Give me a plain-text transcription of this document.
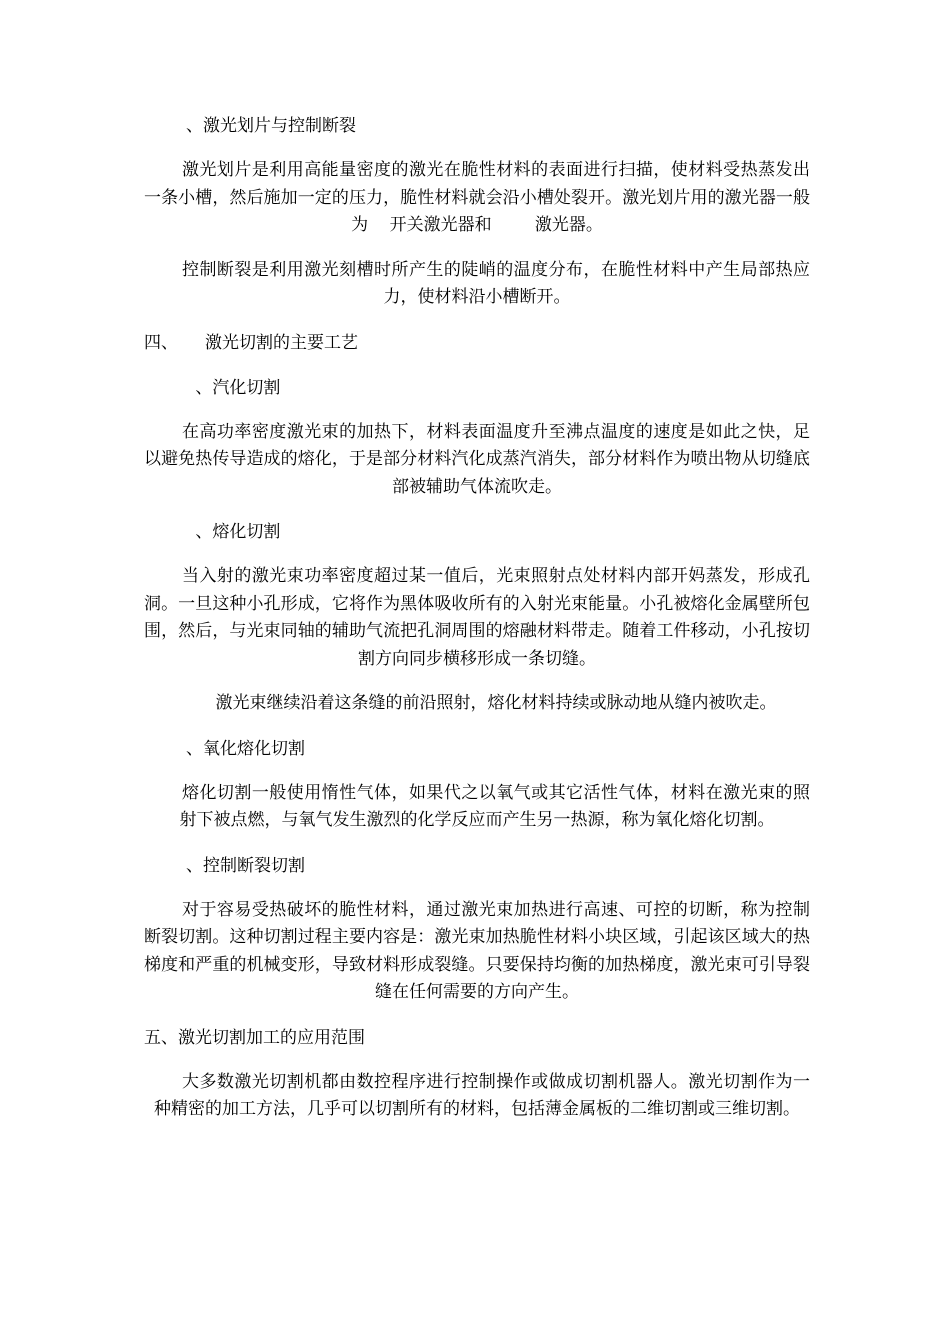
、激光划片与控制断裂

激光划片是利用高能量密度的激光在脆性材料的表面进行扫描，使材料受热蒸发出一条小槽，然后施加一定的压力，脆性材料就会沿小槽处裂开。激光划片用的激光器一般为    开关激光器和        激光器。

控制断裂是利用激光刻槽时所产生的陡峭的温度分布，在脆性材料中产生局部热应力，使材料沿小槽断开。

四、     激光切割的主要工艺

、汽化切割

在高功率密度激光束的加热下，材料表面温度升至沸点温度的速度是如此之快，足以避免热传导造成的熔化，于是部分材料汽化成蒸汽消失，部分材料作为喷出物从切缝底部被辅助气体流吹走。

、熔化切割

当入射的激光束功率密度超过某一值后，光束照射点处材料内部开妈蒸发，形成孔洞。一旦这种小孔形成，它将作为黑体吸收所有的入射光束能量。小孔被熔化金属壁所包围，然后，与光束同轴的辅助气流把孔洞周围的熔融材料带走。随着工件移动，小孔按切割方向同步横移形成一条切缝。

激光束继续沿着这条缝的前沿照射，熔化材料持续或脉动地从缝内被吹走。

、氧化熔化切割

熔化切割一般使用惰性气体，如果代之以氧气或其它活性气体，材料在激光束的照射下被点燃，与氧气发生激烈的化学反应而产生另一热源，称为氧化熔化切割。

、控制断裂切割

对于容易受热破坏的脆性材料，通过激光束加热进行高速、可控的切断，称为控制断裂切割。这种切割过程主要内容是：激光束加热脆性材料小块区域，引起该区域大的热梯度和严重的机械变形，导致材料形成裂缝。只要保持均衡的加热梯度，激光束可引导裂缝在任何需要的方向产生。

五、激光切割加工的应用范围

大多数激光切割机都由数控程序进行控制操作或做成切割机器人。激光切割作为一种精密的加工方法，几乎可以切割所有的材料，包括薄金属板的二维切割或三维切割。
